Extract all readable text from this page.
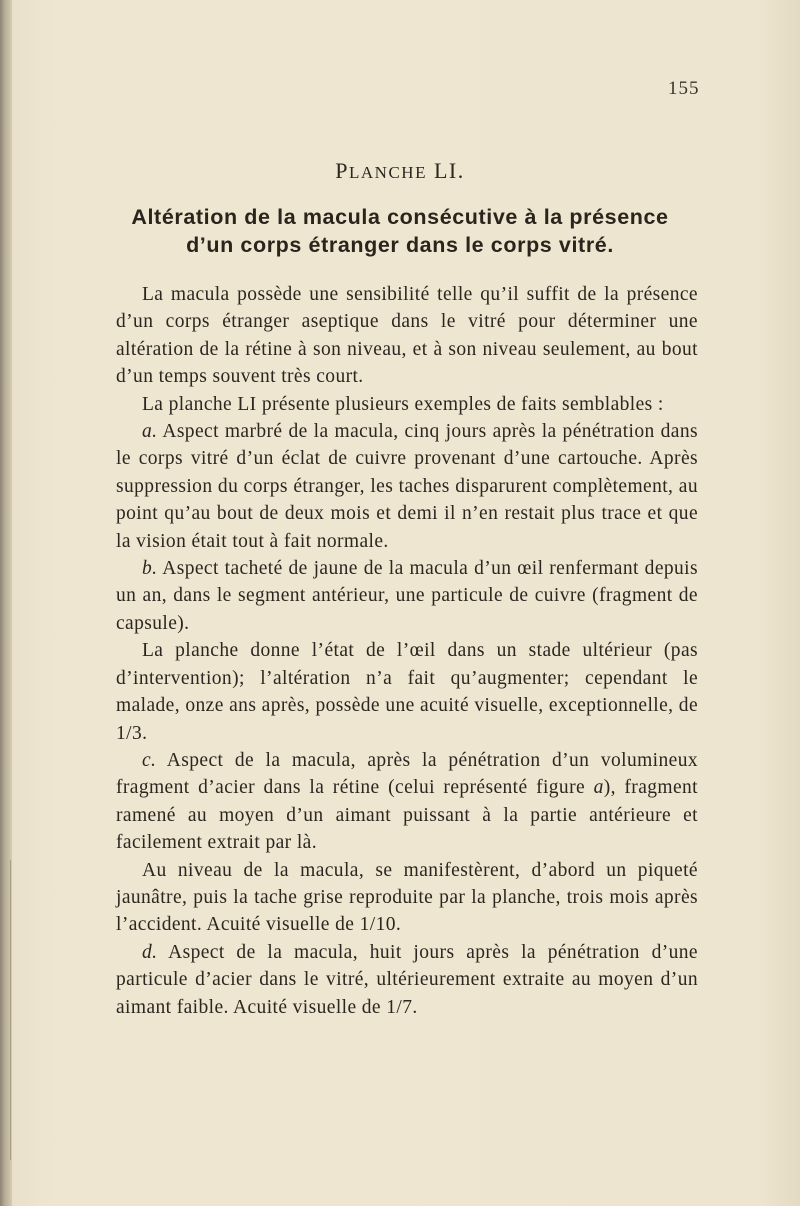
155
PLANCHE LI.
Altération de la macula consécutive à la présence
d’un corps étranger dans le corps vitré.

La macula possède une sensibilité telle qu’il suffit de la présence d’un corps étranger aseptique dans le vitré pour déterminer une altération de la rétine à son niveau, et à son niveau seulement, au bout d’un temps souvent très court.

La planche LI présente plusieurs exemples de faits semblables :

a. Aspect marbré de la macula, cinq jours après la pénétration dans le corps vitré d’un éclat de cuivre provenant d’une cartouche. Après suppression du corps étranger, les taches disparurent complètement, au point qu’au bout de deux mois et demi il n’en restait plus trace et que la vision était tout à fait normale.

b. Aspect tacheté de jaune de la macula d’un œil renfermant depuis un an, dans le segment antérieur, une particule de cuivre (fragment de capsule).

La planche donne l’état de l’œil dans un stade ultérieur (pas d’intervention); l’altération n’a fait qu’augmenter; cependant le malade, onze ans après, possède une acuité visuelle, exceptionnelle, de 1/3.

c. Aspect de la macula, après la pénétration d’un volumineux fragment d’acier dans la rétine (celui représenté figure a), fragment ramené au moyen d’un aimant puissant à la partie antérieure et facilement extrait par là.

Au niveau de la macula, se manifestèrent, d’abord un piqueté jaunâtre, puis la tache grise reproduite par la planche, trois mois après l’accident. Acuité visuelle de 1/10.

d. Aspect de la macula, huit jours après la pénétration d’une particule d’acier dans le vitré, ultérieurement extraite au moyen d’un aimant faible. Acuité visuelle de 1/7.
